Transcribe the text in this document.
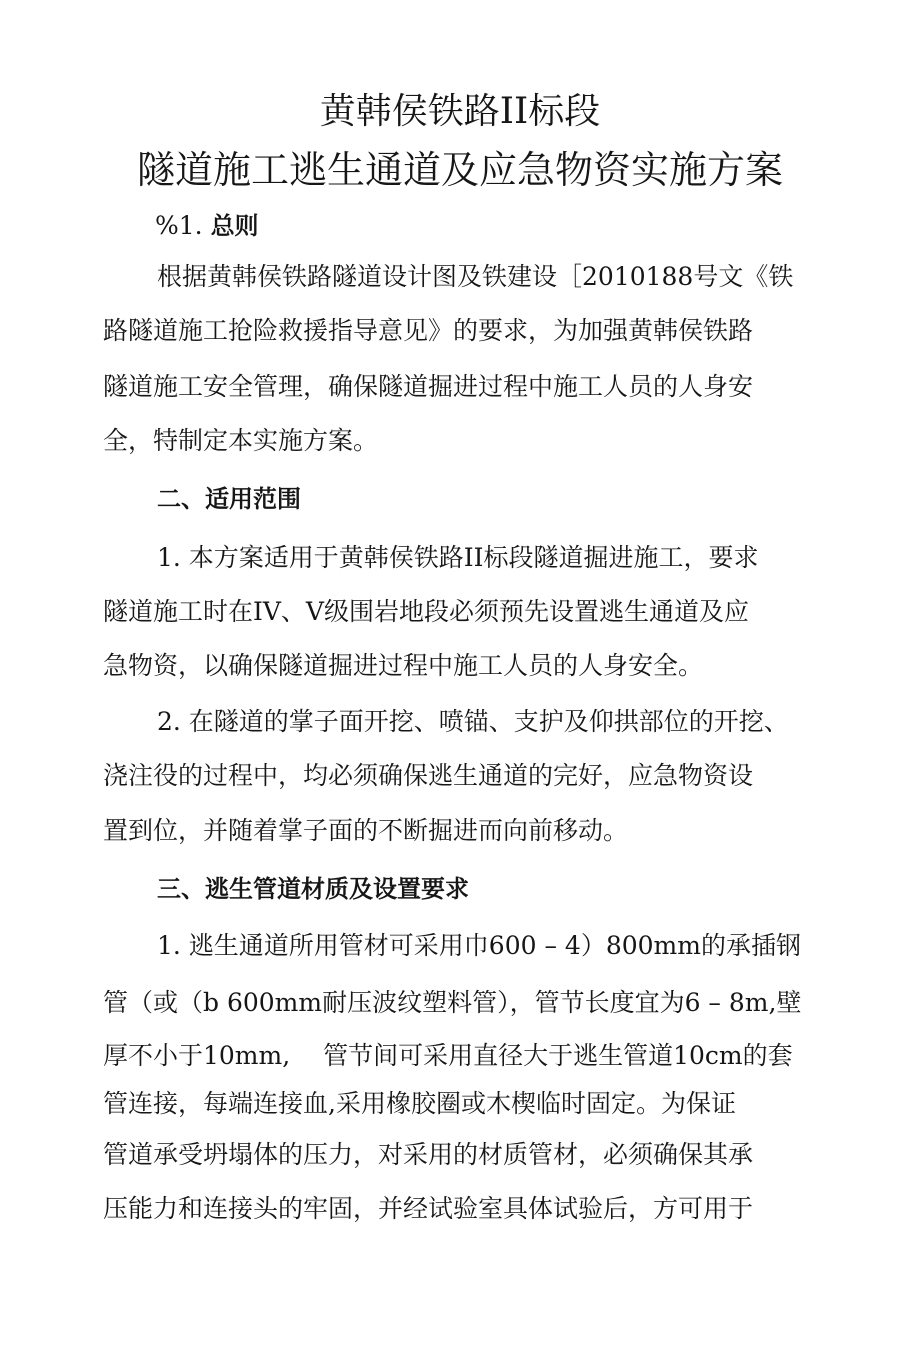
黄韩侯铁路II标段
隧道施工逃生通道及应急物资实施方案
%1. 总则
根据黄韩侯铁路隧道设计图及铁建设［2010188号文《铁
路隧道施工抢险救援指导意见》的要求，为加强黄韩侯铁路
隧道施工安全管理，确保隧道掘进过程中施工人员的人身安
全，特制定本实施方案。
二、适用范围
1. 本方案适用于黄韩侯铁路II标段隧道掘进施工，要求
隧道施工时在IV、V级围岩地段必须预先设置逃生通道及应
急物资，以确保隧道掘进过程中施工人员的人身安全。
2. 在隧道的掌子面开挖、喷锚、支护及仰拱部位的开挖、
浇注役的过程中，均必须确保逃生通道的完好，应急物资设
置到位，并随着掌子面的不断掘进而向前移动。
三、逃生管道材质及设置要求
1. 逃生通道所用管材可采用巾600 – 4）800mm的承插钢
管（或（b 600mm耐压波纹塑料管），管节长度宜为6 – 8m,壁
厚不小于10mm,　 管节间可采用直径大于逃生管道10cm的套
管连接，每端连接血,采用橡胶圈或木楔临时固定。为保证
管道承受坍塌体的压力，对采用的材质管材，必须确保其承
压能力和连接头的牢固，并经试验室具体试验后，方可用于
